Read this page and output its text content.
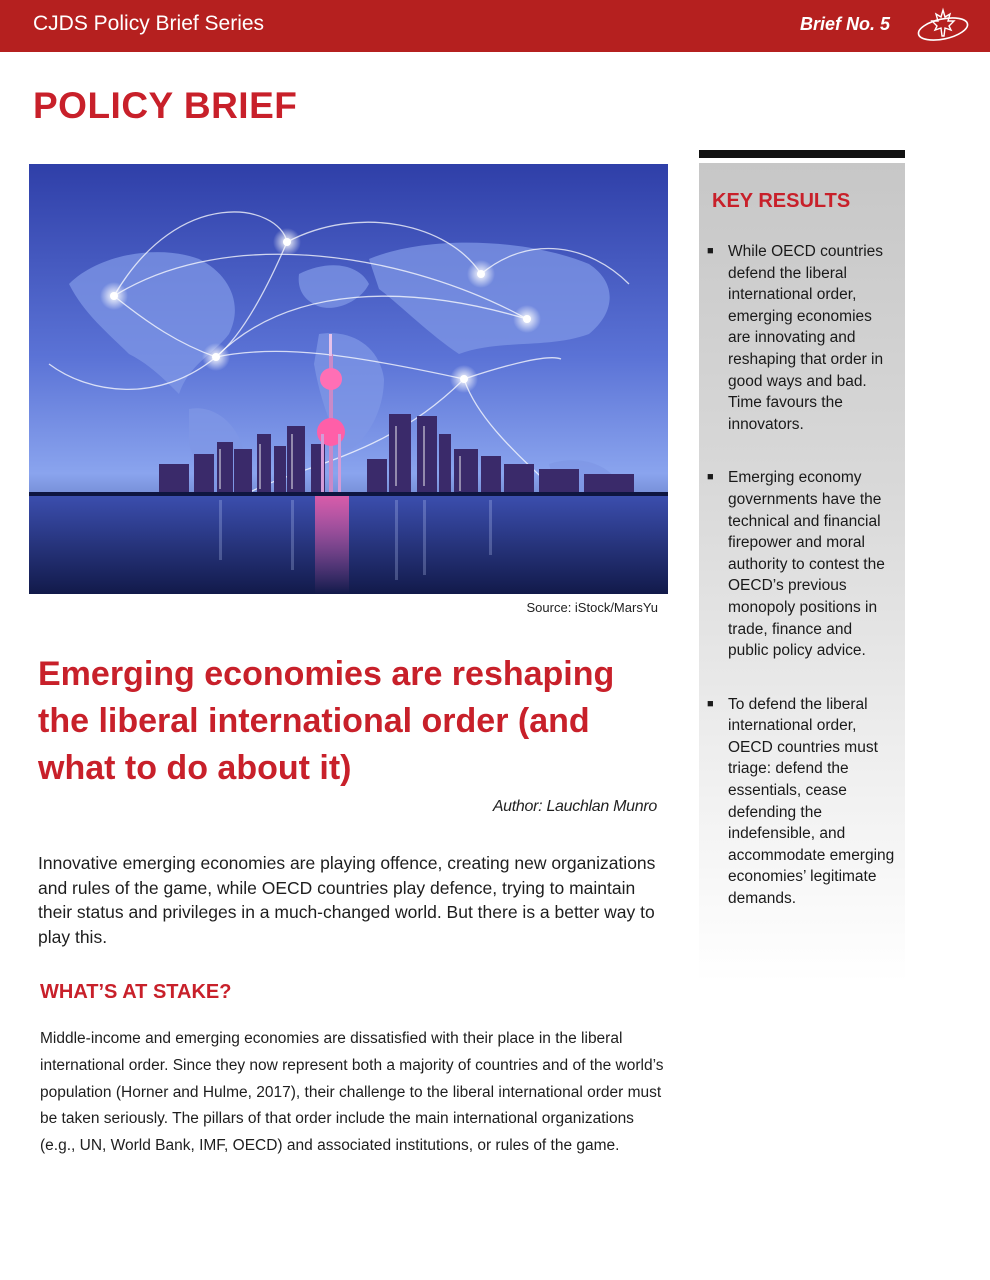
CJDS Policy Brief Series	Brief No. 5
POLICY BRIEF
Source: iStock/MarsYu
Emerging economies are reshaping the liberal international order (and what to do about it)
Author: Lauchlan Munro
Innovative emerging economies are playing offence, creating new organizations and rules of the game, while OECD countries play defence, trying to maintain their status and privileges in a much-changed world. But there is a better way to play this.
WHAT’S AT STAKE?
Middle-income and emerging economies are dissatisfied with their place in the liberal international order. Since they now represent both a majority of countries and of the world’s population (Horner and Hulme, 2017), their challenge to the liberal international order must be taken seriously. The pillars of that order include the main international organizations (e.g., UN, World Bank, IMF, OECD) and associated institutions, or rules of the game.
KEY RESULTS
■ While OECD countries defend the liberal international order, emerging economies are innovating and reshaping that order in good ways and bad. Time favours the innovators.
■ Emerging economy governments have the technical and financial firepower and moral authority to contest the OECD’s previous monopoly positions in trade, finance and public policy advice.
■ To defend the liberal international order, OECD countries must triage: defend the essentials, cease defending the indefensible, and accommodate emerging economies’ legitimate demands.
